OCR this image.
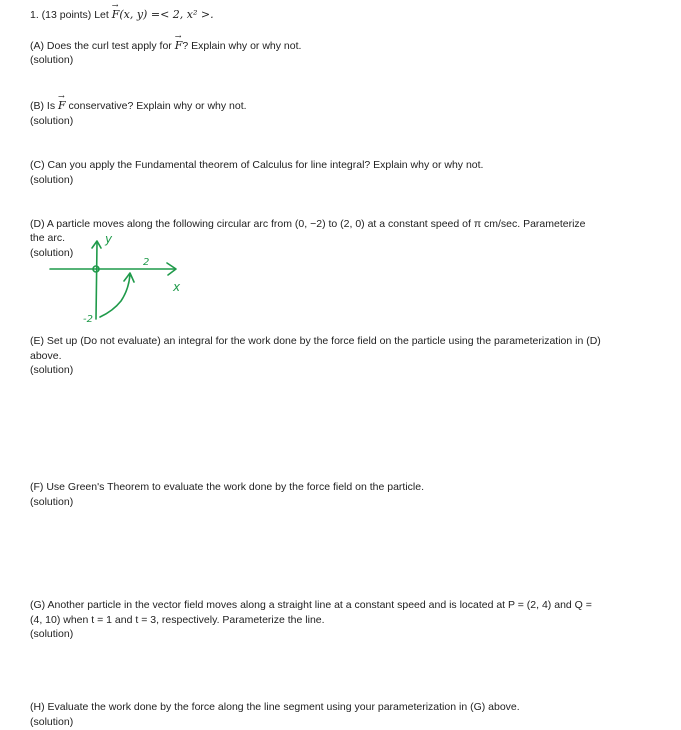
1. (13 points) Let → F(x, y) =< 2, x² >.
(A) Does the curl test apply for → F? Explain why or why not.
(solution)
(B) Is → F conservative? Explain why or why not.
(solution)
(C) Can you apply the Fundamental theorem of Calculus for line integral? Explain why or why not.
(solution)
(D) A particle moves along the following circular arc from (0, −2) to (2, 0) at a constant speed of π cm/sec. Parameterize
the arc.
(solution)
y
x
2
-2
(E) Set up (Do not evaluate) an integral for the work done by the force field on the particle using the parameterization in (D)
above.
(solution)
(F) Use Green's Theorem to evaluate the work done by the force field on the particle.
(solution)
(G) Another particle in the vector field moves along a straight line at a constant speed and is located at P = (2, 4) and Q =
(4, 10) when t = 1 and t = 3, respectively. Parameterize the line.
(solution)
(H) Evaluate the work done by the force along the line segment using your parameterization in (G) above.
(solution)
